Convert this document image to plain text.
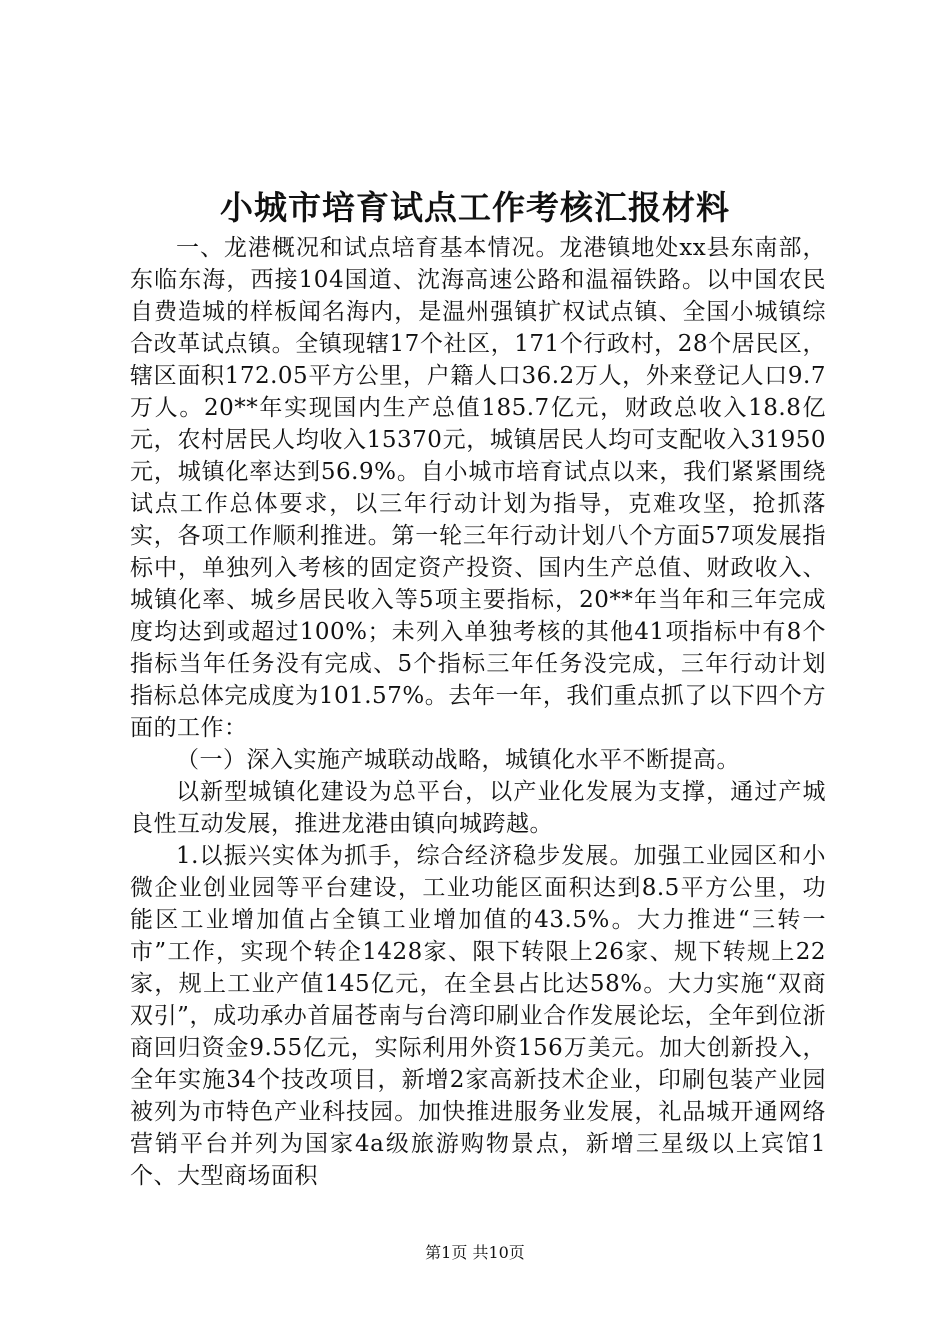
小城市培育试点工作考核汇报材料

一、龙港概况和试点培育基本情况。龙港镇地处xx县东南部，东临东海，西接104国道、沈海高速公路和温福铁路。以中国农民自费造城的样板闻名海内，是温州强镇扩权试点镇、全国小城镇综合改革试点镇。全镇现辖17个社区，171个行政村，28个居民区，辖区面积172.05平方公里，户籍人口36.2万人，外来登记人口9.7万人。20**年实现国内生产总值185.7亿元，财政总收入18.8亿元，农村居民人均收入15370元，城镇居民人均可支配收入31950元，城镇化率达到56.9%。自小城市培育试点以来，我们紧紧围绕试点工作总体要求，以三年行动计划为指导，克难攻坚，抢抓落实，各项工作顺利推进。第一轮三年行动计划八个方面57项发展指标中，单独列入考核的固定资产投资、国内生产总值、财政收入、城镇化率、城乡居民收入等5项主要指标，20**年当年和三年完成度均达到或超过100%；未列入单独考核的其他41项指标中有8个指标当年任务没有完成、5个指标三年任务没完成，三年行动计划指标总体完成度为101.57%。去年一年，我们重点抓了以下四个方面的工作：

（一）深入实施产城联动战略，城镇化水平不断提高。

以新型城镇化建设为总平台，以产业化发展为支撑，通过产城良性互动发展，推进龙港由镇向城跨越。

1.以振兴实体为抓手，综合经济稳步发展。加强工业园区和小微企业创业园等平台建设，工业功能区面积达到8.5平方公里，功能区工业增加值占全镇工业增加值的43.5%。大力推进“三转一市”工作，实现个转企1428家、限下转限上26家、规下转规上22家，规上工业产值145亿元，在全县占比达58%。大力实施“双商双引”，成功承办首届苍南与台湾印刷业合作发展论坛，全年到位浙商回归资金9.55亿元，实际利用外资156万美元。加大创新投入，全年实施34个技改项目，新增2家高新技术企业，印刷包装产业园被列为市特色产业科技园。加快推进服务业发展，礼品城开通网络营销平台并列为国家4a级旅游购物景点，新增三星级以上宾馆1个、大型商场面积

第1页 共10页
